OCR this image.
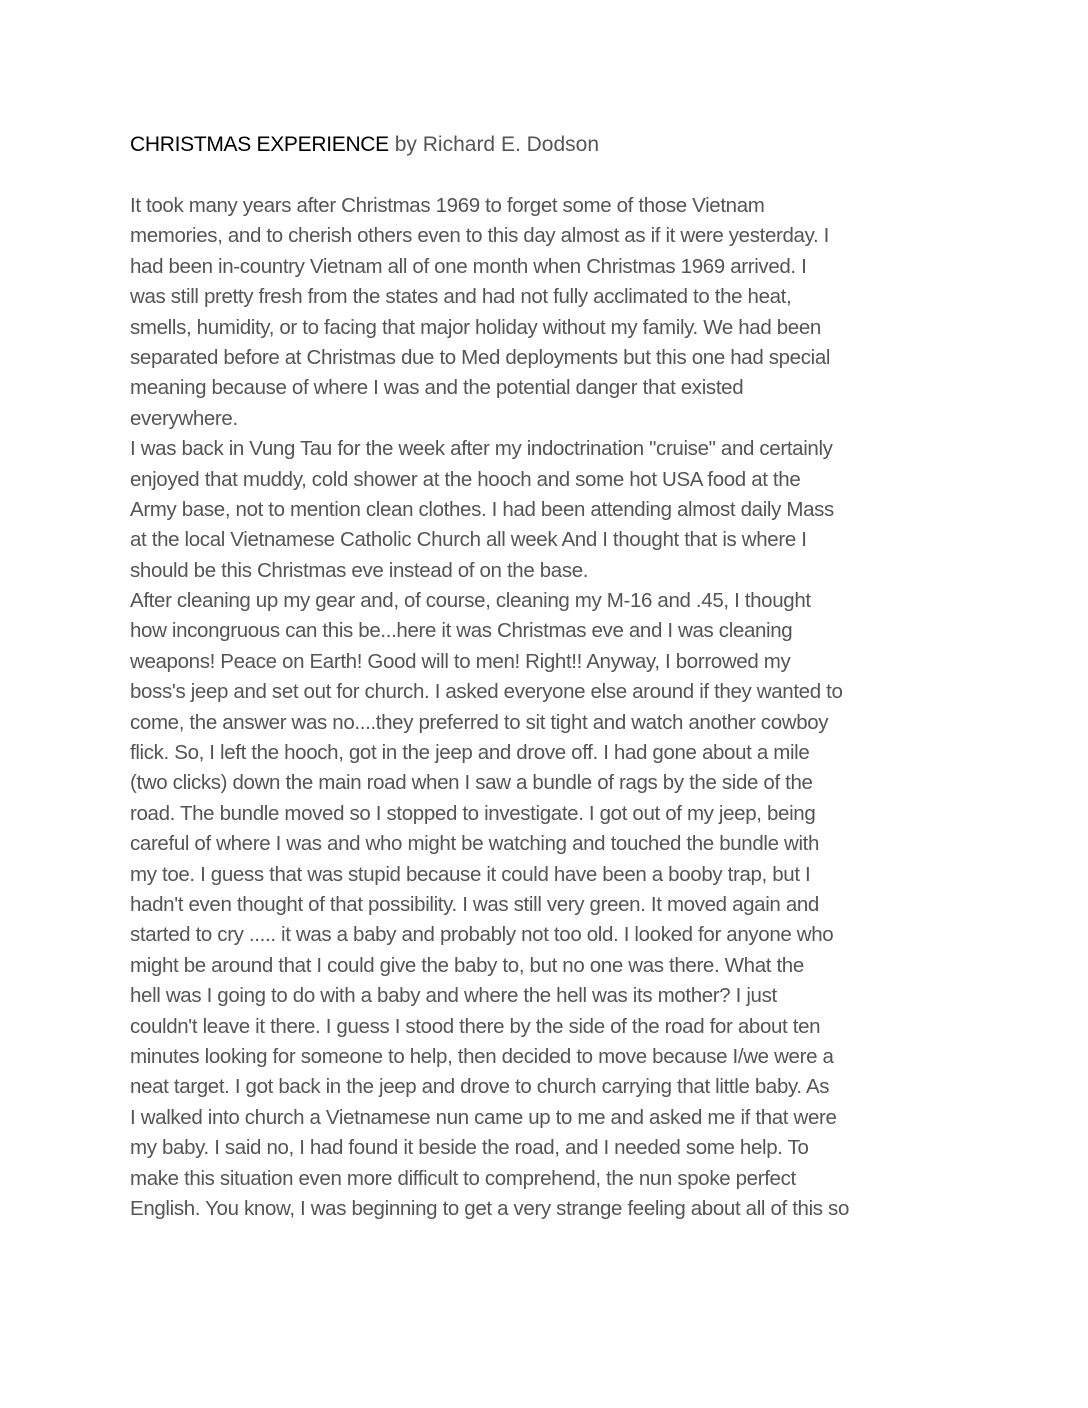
CHRISTMAS EXPERIENCE by Richard E. Dodson
It took many years after Christmas 1969 to forget some of those Vietnam
memories, and to cherish others even to this day almost as if it were yesterday. I
had been in-country Vietnam all of one month when Christmas 1969 arrived. I
was still pretty fresh from the states and had not fully acclimated to the heat,
smells, humidity, or to facing that major holiday without my family. We had been
separated before at Christmas due to Med deployments but this one had special
meaning because of where I was and the potential danger that existed
everywhere.
I was back in Vung Tau for the week after my indoctrination "cruise" and certainly
enjoyed that muddy, cold shower at the hooch and some hot USA food at the
Army base, not to mention clean clothes. I had been attending almost daily Mass
at the local Vietnamese Catholic Church all week And I thought that is where I
should be this Christmas eve instead of on the base.
After cleaning up my gear and, of course, cleaning my M-16 and .45, I thought
how incongruous can this be...here it was Christmas eve and I was cleaning
weapons! Peace on Earth! Good will to men! Right!! Anyway, I borrowed my
boss's jeep and set out for church. I asked everyone else around if they wanted to
come, the answer was no....they preferred to sit tight and watch another cowboy
flick. So, I left the hooch, got in the jeep and drove off. I had gone about a mile
(two clicks) down the main road when I saw a bundle of rags by the side of the
road. The bundle moved so I stopped to investigate. I got out of my jeep, being
careful of where I was and who might be watching and touched the bundle with
my toe. I guess that was stupid because it could have been a booby trap, but I
hadn't even thought of that possibility. I was still very green. It moved again and
started to cry ..... it was a baby and probably not too old. I looked for anyone who
might be around that I could give the baby to, but no one was there. What the
hell was I going to do with a baby and where the hell was its mother? I just
couldn't leave it there. I guess I stood there by the side of the road for about ten
minutes looking for someone to help, then decided to move because I/we were a
neat target. I got back in the jeep and drove to church carrying that little baby. As
I walked into church a Vietnamese nun came up to me and asked me if that were
my baby. I said no, I had found it beside the road, and I needed some help. To
make this situation even more difficult to comprehend, the nun spoke perfect
English. You know, I was beginning to get a very strange feeling about all of this so
